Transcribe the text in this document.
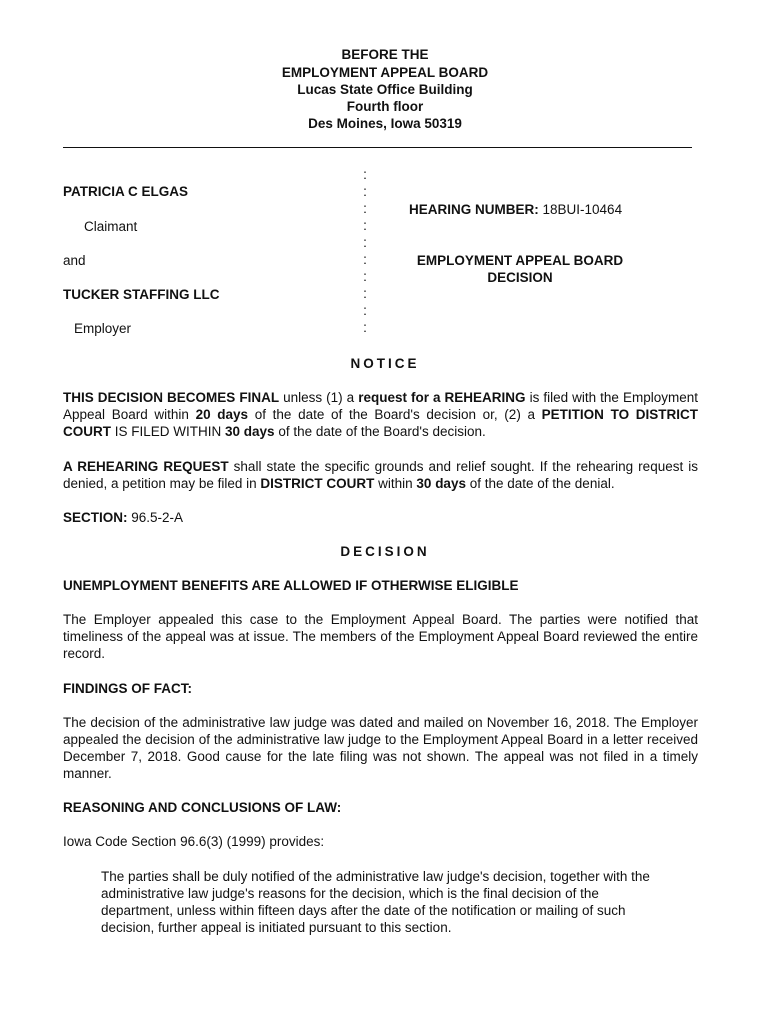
BEFORE THE
EMPLOYMENT APPEAL BOARD
Lucas State Office Building
Fourth floor
Des Moines, Iowa 50319
PATRICIA C ELGAS
Claimant
and
TUCKER STAFFING LLC
Employer
:
:
:
:
:
:
:
:
:
:
HEARING NUMBER: 18BUI-10464
EMPLOYMENT APPEAL BOARD
DECISION
NOTICE
THIS DECISION BECOMES FINAL unless (1) a request for a REHEARING is filed with the Employment Appeal Board within 20 days of the date of the Board's decision or, (2) a PETITION TO DISTRICT COURT IS FILED WITHIN 30 days of the date of the Board's decision.
A REHEARING REQUEST shall state the specific grounds and relief sought. If the rehearing request is denied, a petition may be filed in DISTRICT COURT within 30 days of the date of the denial.
SECTION: 96.5-2-A
DECISION
UNEMPLOYMENT BENEFITS ARE ALLOWED IF OTHERWISE ELIGIBLE
The Employer appealed this case to the Employment Appeal Board. The parties were notified that timeliness of the appeal was at issue. The members of the Employment Appeal Board reviewed the entire record.
FINDINGS OF FACT:
The decision of the administrative law judge was dated and mailed on November 16, 2018. The Employer appealed the decision of the administrative law judge to the Employment Appeal Board in a letter received December 7, 2018. Good cause for the late filing was not shown. The appeal was not filed in a timely manner.
REASONING AND CONCLUSIONS OF LAW:
Iowa Code Section 96.6(3) (1999) provides:
The parties shall be duly notified of the administrative law judge's decision, together with the administrative law judge's reasons for the decision, which is the final decision of the department, unless within fifteen days after the date of the notification or mailing of such decision, further appeal is initiated pursuant to this section.
